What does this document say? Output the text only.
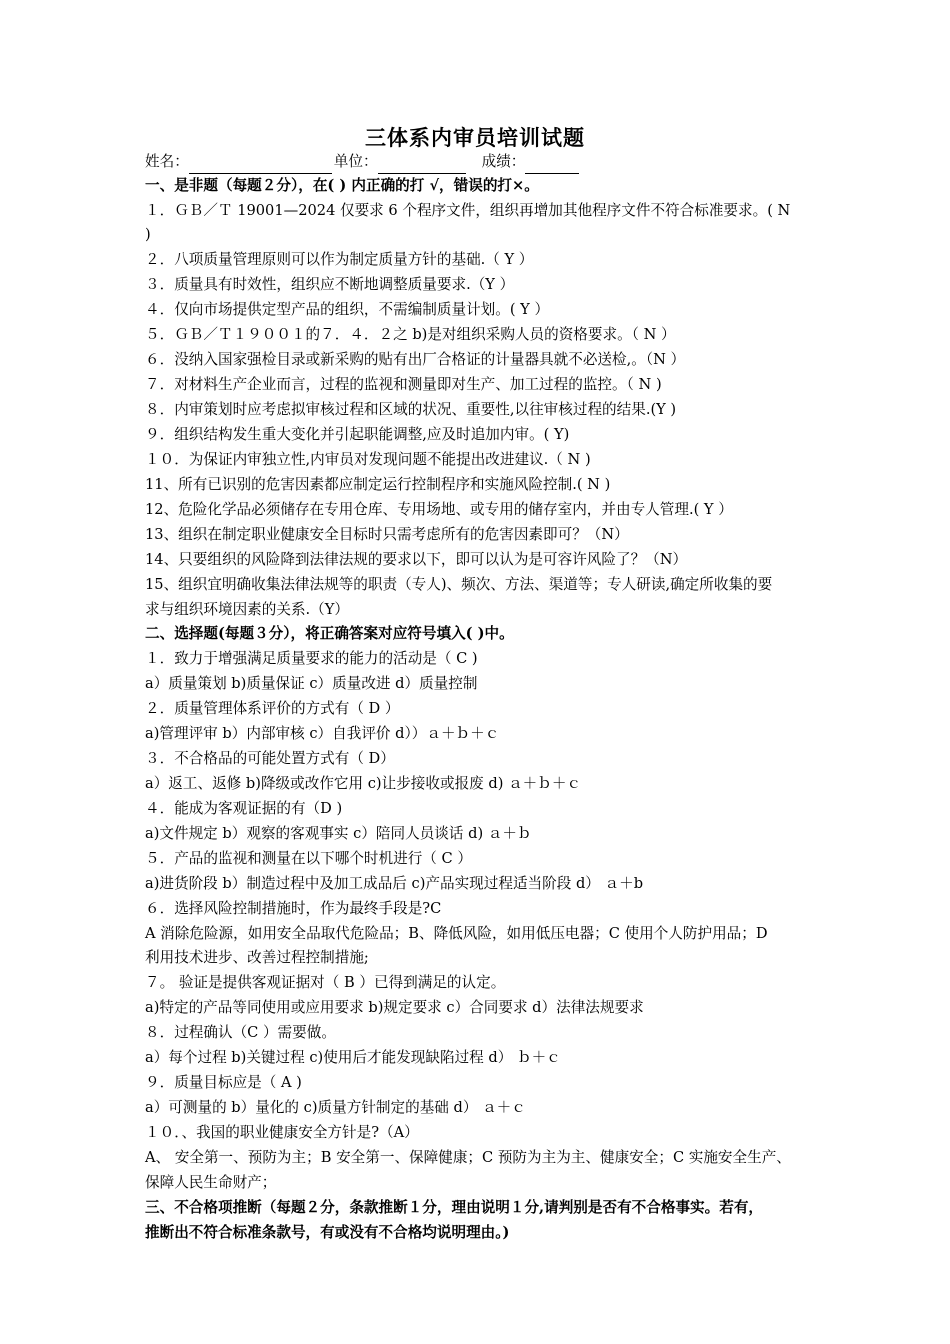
三体系内审员培训试题
姓名：	单位：	成绩：
一、是非题（每题２分），在( ) 内正确的打 √，错误的打×。
１．ＧＢ／Ｔ 19001—2024 仅要求 6 个程序文件，组织再增加其他程序文件不符合标准要求。( N
)
２．八项质量管理原则可以作为制定质量方针的基础.（ Y ）
３．质量具有时效性，组织应不断地调整质量要求.（Y ）
４．仅向市场提供定型产品的组织，不需编制质量计划。( Y ）
５．ＧＢ／Ｔ１９００１的７．４．２之 b)是对组织采购人员的资格要求。（ N ）
６．没纳入国家强检目录或新采购的贴有出厂合格证的计量器具就不必送检,。（N ）
７．对材料生产企业而言，过程的监视和测量即对生产、加工过程的监控。（ N )
８．内审策划时应考虑拟审核过程和区域的状况、重要性,以往审核过程的结果.(Y )
９．组织结构发生重大变化并引起职能调整,应及时追加内审。( Y)
１０．为保证内审独立性,内审员对发现问题不能提出改进建议.（ N )
11、所有已识别的危害因素都应制定运行控制程序和实施风险控制.( N )
12、危险化学品必须储存在专用仓库、专用场地、或专用的储存室内，并由专人管理.( Y ）
13、组织在制定职业健康安全目标时只需考虑所有的危害因素即可？（N）
14、只要组织的风险降到法律法规的要求以下，即可以认为是可容许风险了？（N）
15、组织宜明确收集法律法规等的职责（专人)、频次、方法、渠道等；专人研读,确定所收集的要
求与组织环境因素的关系.（Y）
二、选择题(每题３分），将正确答案对应符号填入( )中。
１．致力于增强满足质量要求的能力的活动是（ C )
a）质量策划 b)质量保证 c）质量改进 d）质量控制
２．质量管理体系评价的方式有（ D ）
a)管理评审 b）内部审核 c）自我评价 d））ａ＋ｂ＋ｃ
３．不合格品的可能处置方式有（ D）
a）返工、返修 b)降级或改作它用 c)让步接收或报废 d) ａ＋ｂ＋ｃ
４．能成为客观证据的有（D )
a)文件规定 b）观察的客观事实 c）陪同人员谈话 d) ａ＋ｂ
５．产品的监视和测量在以下哪个时机进行（ C ）
a)进货阶段 b）制造过程中及加工成品后 c)产品实现过程适当阶段 d） ａ＋b
６．选择风险控制措施时，作为最终手段是?C
A 消除危险源，如用安全品取代危险品；B、降低风险，如用低压电器；C 使用个人防护用品；D
利用技术进步、改善过程控制措施;
７。 验证是提供客观证据对（ B ）已得到满足的认定。
a)特定的产品等同使用或应用要求 b)规定要求 c）合同要求 d）法律法规要求
８．过程确认（C ）需要做。
a）每个过程 b)关键过程 c)使用后才能发现缺陷过程 d） ｂ＋ｃ
９．质量目标应是（ A )
a）可测量的 b）量化的 c)质量方针制定的基础 d） ａ＋ｃ
１０．、我国的职业健康安全方针是?（A）
A、 安全第一、预防为主；B 安全第一、保障健康；C 预防为主为主、健康安全；C 实施安全生产、
保障人民生命财产；
三、不合格项推断（每题２分，条款推断１分，理由说明１分,请判别是否有不合格事实。若有，
推断出不符合标准条款号，有或没有不合格均说明理由。)
